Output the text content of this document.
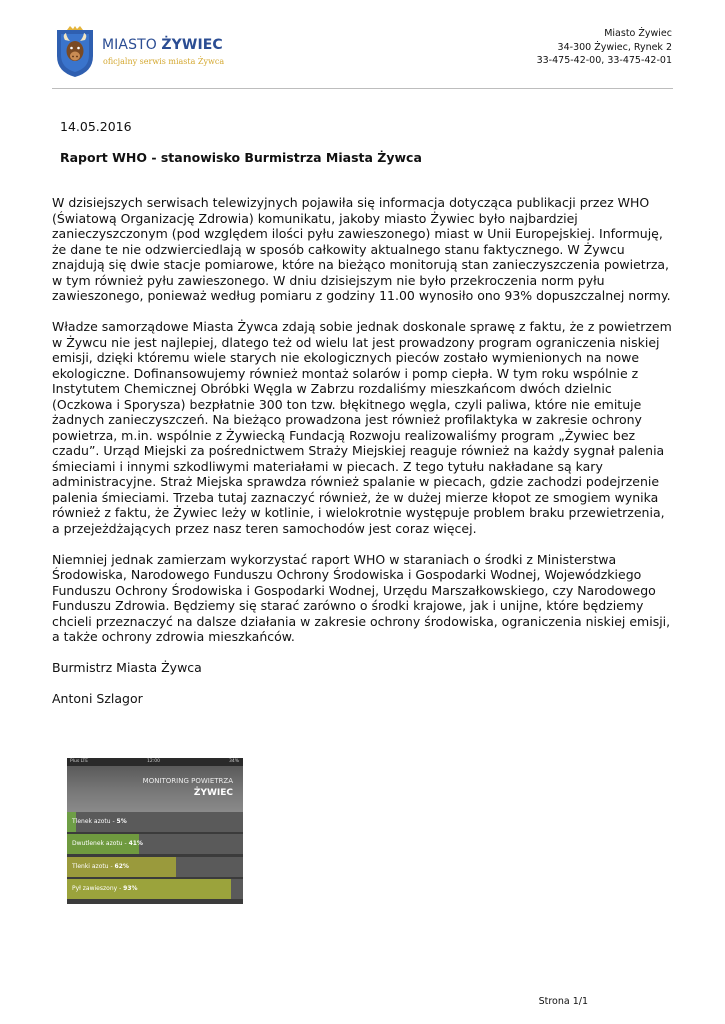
MIASTO ŻYWIEC
oficjalny serwis miasta Żywca
Miasto Żywiec
34-300 Żywiec, Rynek 2
33-475-42-00, 33-475-42-01
14.05.2016
Raport WHO - stanowisko Burmistrza Miasta Żywca

W dzisiejszych serwisach telewizyjnych pojawiła się informacja dotycząca publikacji przez WHO (Światową Organizację Zdrowia) komunikatu, jakoby miasto Żywiec było najbardziej zanieczyszczonym (pod względem ilości pyłu zawieszonego) miast w Unii Europejskiej. Informuję, że dane te nie odzwierciedlają w sposób całkowity aktualnego stanu faktycznego. W Żywcu znajdują się dwie stacje pomiarowe, które na bieżąco monitorują stan zanieczyszczenia powietrza, w tym również pyłu zawieszonego. W dniu dzisiejszym nie było przekroczenia norm pyłu zawieszonego, ponieważ według pomiaru z godziny 11.00 wynosiło ono 93% dopuszczalnej normy.

Władze samorządowe Miasta Żywca zdają sobie jednak doskonale sprawę z faktu, że z powietrzem w Żywcu nie jest najlepiej, dlatego też od wielu lat jest prowadzony program ograniczenia niskiej emisji, dzięki któremu wiele starych nie ekologicznych pieców zostało wymienionych na nowe ekologiczne. Dofinansowujemy również montaż solarów i pomp ciepła. W tym roku wspólnie z Instytutem Chemicznej Obróbki Węgla w Zabrzu rozdaliśmy mieszkańcom dwóch dzielnic (Oczkowa i Sporysza) bezpłatnie 300 ton tzw. błękitnego węgla, czyli paliwa, które nie emituje żadnych zanieczyszczeń. Na bieżąco prowadzona jest również profilaktyka w zakresie ochrony powietrza, m.in. wspólnie z Żywiecką Fundacją Rozwoju realizowaliśmy program „Żywiec bez czadu”. Urząd Miejski za pośrednictwem Straży Miejskiej reaguje również na każdy sygnał palenia śmieciami i innymi szkodliwymi materiałami w piecach. Z tego tytułu nakładane są kary administracyjne. Straż Miejska sprawdza również spalanie w piecach, gdzie zachodzi podejrzenie palenia śmieciami. Trzeba tutaj zaznaczyć również, że w dużej mierze kłopot ze smogiem wynika również z faktu, że Żywiec leży w kotlinie, i wielokrotnie występuje problem braku przewietrzenia, a przejeżdżających przez nasz teren samochodów jest coraz więcej.

Niemniej jednak zamierzam wykorzystać raport WHO w staraniach o środki z Ministerstwa Środowiska, Narodowego Funduszu Ochrony Środowiska i Gospodarki Wodnej, Wojewódzkiego Funduszu Ochrony Środowiska i Gospodarki Wodnej, Urzędu Marszałkowskiego, czy Narodowego Funduszu Zdrowia. Będziemy się starać zarówno o środki krajowe, jak i unijne, które będziemy chcieli przeznaczyć na dalsze działania w zakresie ochrony środowiska, ograniczenia niskiej emisji, a także ochrony zdrowia mieszkańców.

Burmistrz Miasta Żywca

Antoni Szlagor

Plus LTE	12:00	34%
MONITORING POWIETRZA
ŻYWIEC
Tlenek azotu - 5%
Dwutlenek azotu - 41%
Tlenki azotu - 62%
Pył zawieszony - 93%
Strona 1/1
